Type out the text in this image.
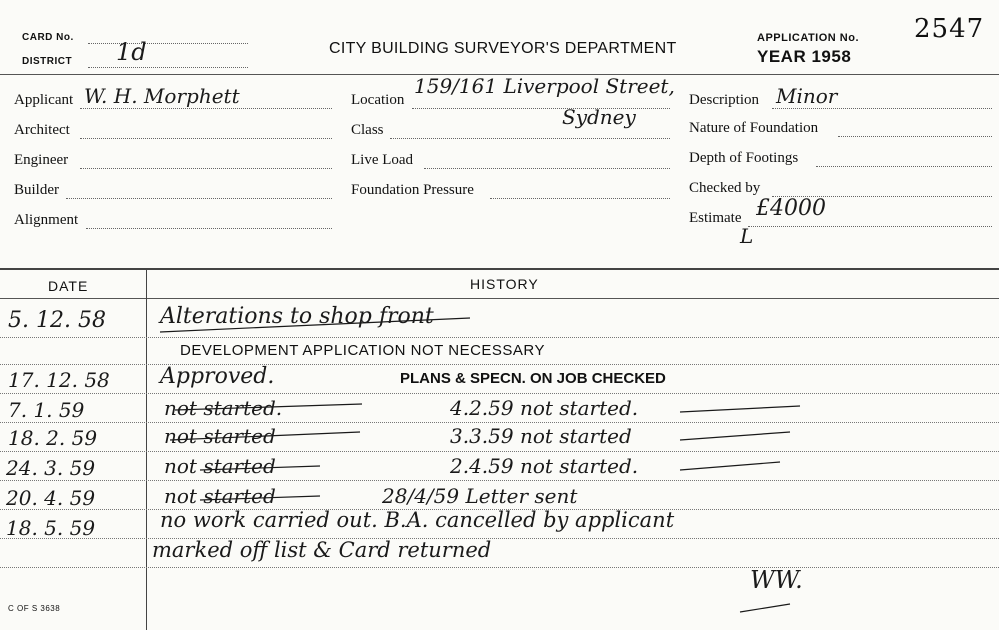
CARD No.
DISTRICT 1d	CITY BUILDING SURVEYOR'S DEPARTMENT
APPLICATION No. 2547
YEAR 1958
Applicant W. H. Morphett
Architect
Engineer
Builder
Alignment
Location
159/161 Liverpool Street,
Sydney
Class
Live Load
Foundation Pressure
Description Minor
Nature of Foundation
Depth of Footings
Checked by
Estimate £4000
L
DATE	HISTORY
5. 12. 58 Alterations to shop front
DEVELOPMENT APPLICATION NOT NECESSARY
17. 12. 58 Approved.	PLANS & SPECN. ON JOB CHECKED
7. 1. 59	not started.	4.2.59 not started.
18. 2. 59	not started	3.3.59 not started
24. 3. 59	not started	2.4.59 not started.
20. 4. 59	not started	28/4/59 Letter sent
18. 5. 59	no work carried out. B.A. cancelled by applicant
marked off list & Card returned
WW.
C OF S 3638
